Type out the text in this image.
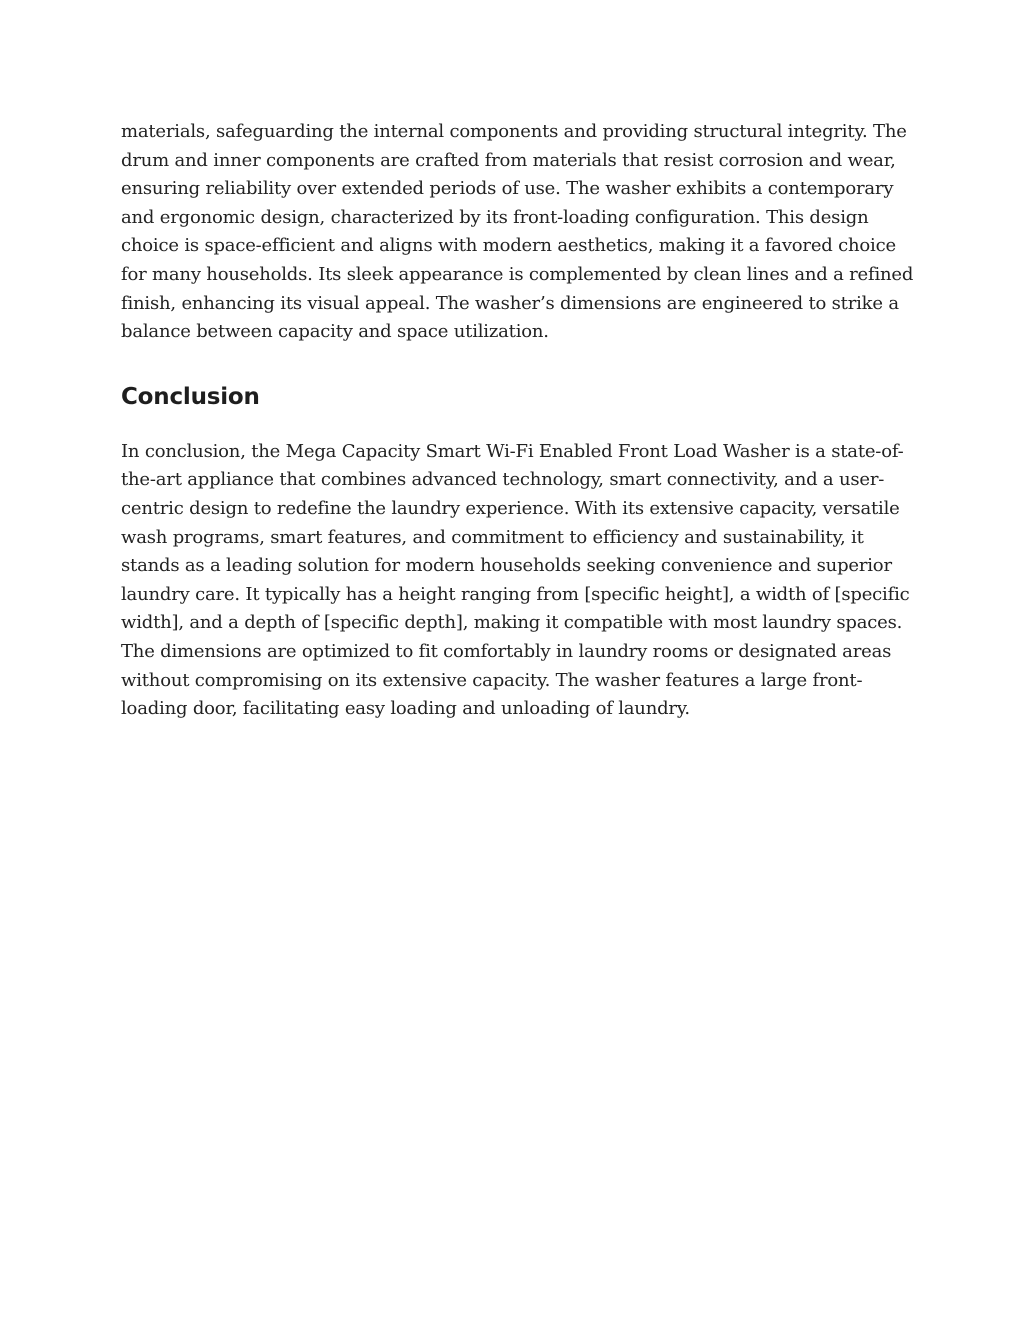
materials, safeguarding the internal components and providing structural integrity. The
drum and inner components are crafted from materials that resist corrosion and wear,
ensuring reliability over extended periods of use. The washer exhibits a contemporary
and ergonomic design, characterized by its front-loading configuration. This design
choice is space-efficient and aligns with modern aesthetics, making it a favored choice
for many households. Its sleek appearance is complemented by clean lines and a refined
finish, enhancing its visual appeal. The washer’s dimensions are engineered to strike a
balance between capacity and space utilization.
Conclusion
In conclusion, the Mega Capacity Smart Wi-Fi Enabled Front Load Washer is a state-of-
the-art appliance that combines advanced technology, smart connectivity, and a user-
centric design to redefine the laundry experience. With its extensive capacity, versatile
wash programs, smart features, and commitment to efficiency and sustainability, it
stands as a leading solution for modern households seeking convenience and superior
laundry care. It typically has a height ranging from [specific height], a width of [specific
width], and a depth of [specific depth], making it compatible with most laundry spaces.
The dimensions are optimized to fit comfortably in laundry rooms or designated areas
without compromising on its extensive capacity. The washer features a large front-
loading door, facilitating easy loading and unloading of laundry.
